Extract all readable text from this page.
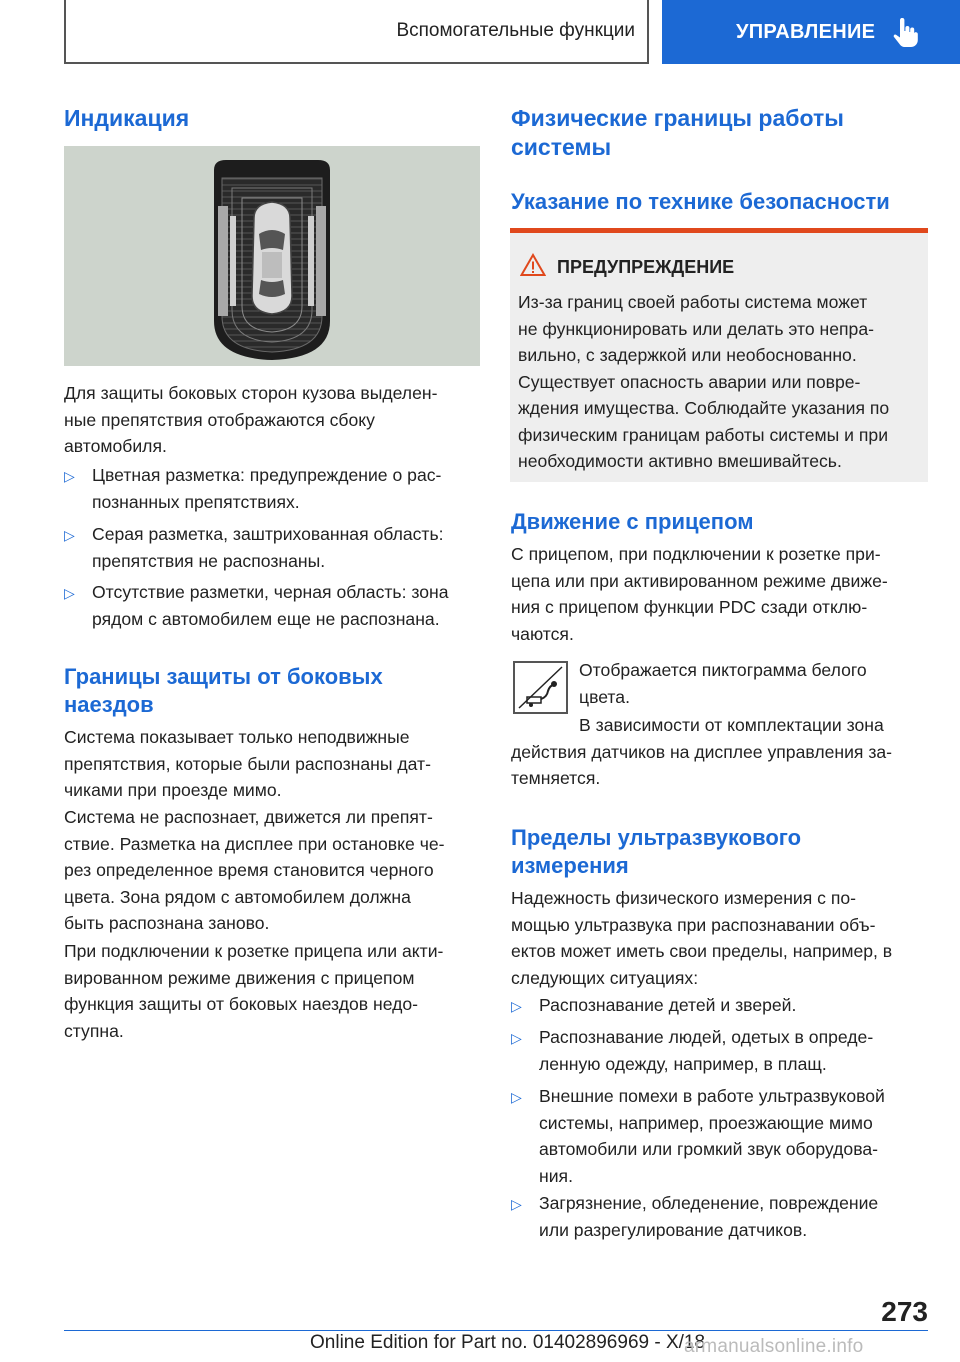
Вспомогательные функции	УПРАВЛЕНИЕ
Индикация

Для защиты боковых сторон кузова выделен-
ные препятствия отображаются сбоку
автомобиля.

▷ Цветная разметка: предупреждение о рас-
познанных препятствиях.
▷ Серая разметка, заштрихованная область:
препятствия не распознаны.
▷ Отсутствие разметки, черная область: зона
рядом с автомобилем еще не распознана.
Границы защиты от боковых
наездов

Система показывает только неподвижные
препятствия, которые были распознаны дат-
чиками при проезде мимо.

Система не распознает, движется ли препят-
ствие. Разметка на дисплее при остановке че-
рез определенное время становится черного
цвета. Зона рядом с автомобилем должна
быть распознана заново.

При подключении к розетке прицепа или акти-
вированном режиме движения с прицепом
функция защиты от боковых наездов недо-
ступна.

Физические границы работы
системы
Указание по технике безопасности
ПРЕДУПРЕЖДЕНИЕ

Из-за границ своей работы система может
не функционировать или делать это непра-
вильно, с задержкой или необоснованно.
Существует опасность аварии или повре-
ждения имущества. Соблюдайте указания по
физическим границам работы системы и при
необходимости активно вмешивайтесь.

Движение с прицепом

С прицепом, при подключении к розетке при-
цепа или при активированном режиме движе-
ния с прицепом функции PDC сзади отклю-
чаются.

Отображается пиктограмма белого
цвета.

В зависимости от комплектации зона
действия датчиков на дисплее управления за-
темняется.

Пределы ультразвукового
измерения

Надежность физического измерения с по-
мощью ультразвука при распознавании объ-
ектов может иметь свои пределы, например, в
следующих ситуациях:

▷ Распознавание детей и зверей.
▷ Распознавание людей, одетых в опреде-
ленную одежду, например, в плащ.
▷ Внешние помехи в работе ультразвуковой
системы, например, проезжающие мимо
автомобили или громкий звук оборудова-
ния.
▷ Загрязнение, обледенение, повреждение
или разрегулирование датчиков.
273
Online Edition for Part no. 01402896969 - X/18
armanualsonline.info
